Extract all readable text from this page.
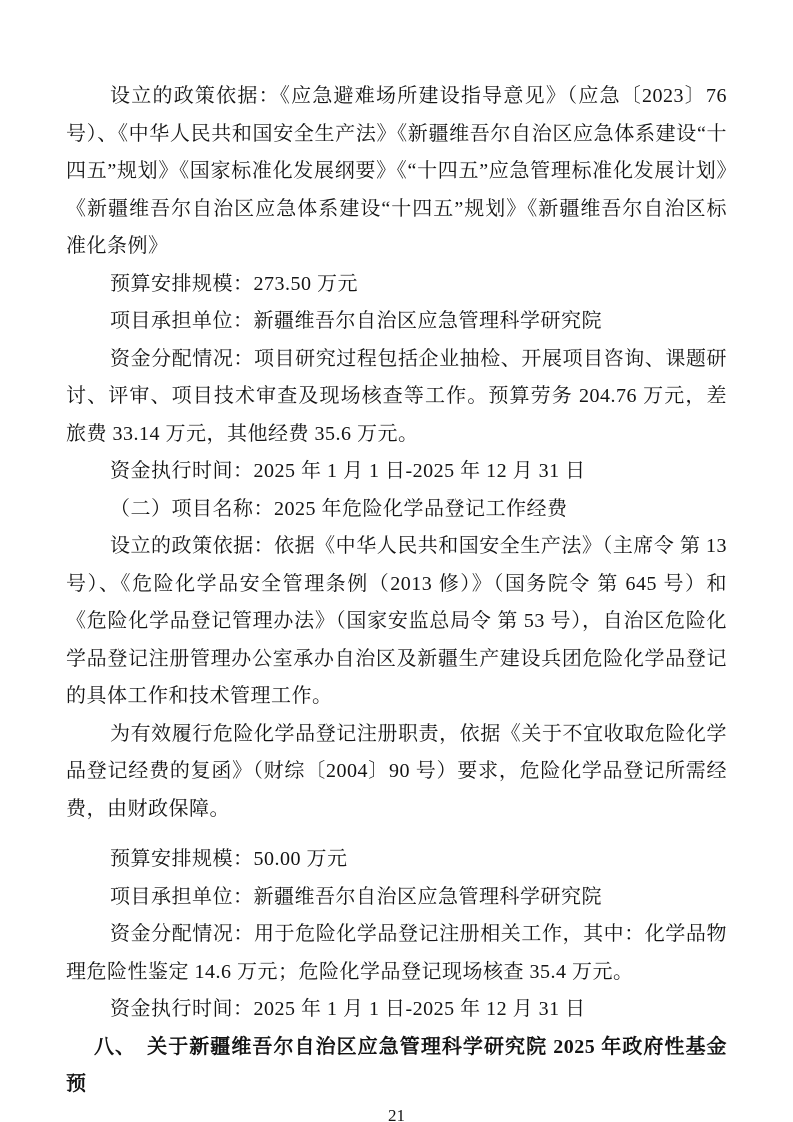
设立的政策依据：《应急避难场所建设指导意见》（应急〔2023〕76 号）、《中华人民共和国安全生产法》《新疆维吾尔自治区应急体系建设“十四五”规划》《国家标准化发展纲要》《“十四五”应急管理标准化发展计划》《新疆维吾尔自治区应急体系建设“十四五”规划》《新疆维吾尔自治区标准化条例》

预算安排规模：273.50 万元

项目承担单位：新疆维吾尔自治区应急管理科学研究院

资金分配情况：项目研究过程包括企业抽检、开展项目咨询、课题研讨、评审、项目技术审查及现场核查等工作。预算劳务 204.76 万元，差旅费 33.14 万元，其他经费 35.6 万元。

资金执行时间：2025 年 1 月 1 日-2025 年 12 月 31 日

（二）项目名称：2025 年危险化学品登记工作经费

设立的政策依据：依据《中华人民共和国安全生产法》（主席令 第 13 号）、《危险化学品安全管理条例（2013 修）》（国务院令 第 645 号）和《危险化学品登记管理办法》（国家安监总局令 第 53 号），自治区危险化学品登记注册管理办公室承办自治区及新疆生产建设兵团危险化学品登记的具体工作和技术管理工作。

为有效履行危险化学品登记注册职责，依据《关于不宜收取危险化学品登记经费的复函》（财综〔2004〕90 号）要求，危险化学品登记所需经费，由财政保障。

预算安排规模：50.00 万元

项目承担单位：新疆维吾尔自治区应急管理科学研究院

资金分配情况：用于危险化学品登记注册相关工作，其中：化学品物理危险性鉴定 14.6 万元；危险化学品登记现场核查 35.4 万元。

资金执行时间：2025 年 1 月 1 日-2025 年 12 月 31 日

八、　关于新疆维吾尔自治区应急管理科学研究院 2025 年政府性基金预
21
